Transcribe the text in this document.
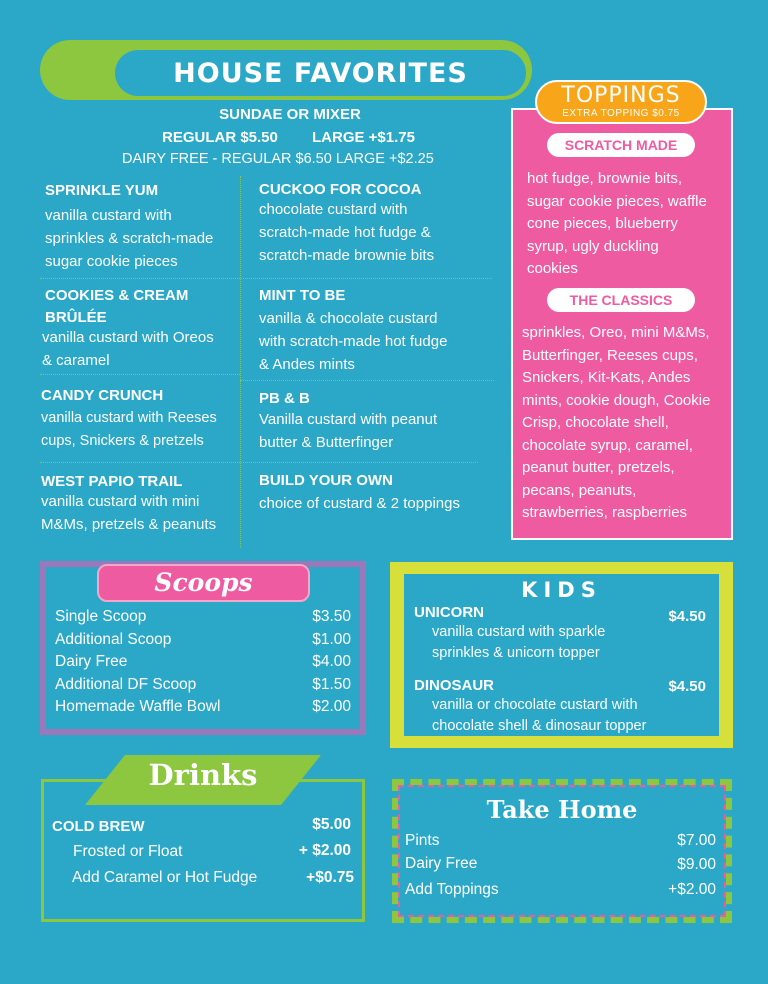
HOUSE FAVORITES
SUNDAE OR MIXER
REGULAR $5.50 LARGE +$1.75
DAIRY FREE - REGULAR $6.50 LARGE +$2.25
SPRINKLE YUM
vanilla custard with
sprinkles & scratch-made
sugar cookie pieces
CUCKOO FOR COCOA
chocolate custard with
scratch-made hot fudge &
scratch-made brownie bits
COOKIES & CREAM
BRÛLÉE
vanilla custard with Oreos
& caramel
MINT TO BE
vanilla & chocolate custard
with scratch-made hot fudge
& Andes mints
CANDY CRUNCH
vanilla custard with Reeses
cups, Snickers & pretzels
PB & B
Vanilla custard with peanut
butter & Butterfinger
WEST PAPIO TRAIL
vanilla custard with mini
M&Ms, pretzels & peanuts
BUILD YOUR OWN
choice of custard & 2 toppings
TOPPINGS
EXTRA TOPPING $0.75
SCRATCH MADE
hot fudge, brownie bits,
sugar cookie pieces, waffle
cone pieces, blueberry
syrup, ugly duckling
cookies
THE CLASSICS
sprinkles, Oreo, mini M&Ms,
Butterfinger, Reeses cups,
Snickers, Kit-Kats, Andes
mints, cookie dough, Cookie
Crisp, chocolate shell,
chocolate syrup, caramel,
peanut butter, pretzels,
pecans, peanuts,
strawberries, raspberries
Scoops
Single Scoop	$3.50
Additional Scoop	$1.00
Dairy Free	$4.00
Additional DF Scoop	$1.50
Homemade Waffle Bowl	$2.00
KIDS
UNICORN	$4.50
vanilla custard with sparkle
sprinkles & unicorn topper
DINOSAUR	$4.50
vanilla or chocolate custard with
chocolate shell & dinosaur topper
Drinks
COLD BREW	$5.00
Frosted or Float	+ $2.00
Add Caramel or Hot Fudge	+$0.75
Take Home
Pints	$7.00
Dairy Free	$9.00
Add Toppings	+$2.00
